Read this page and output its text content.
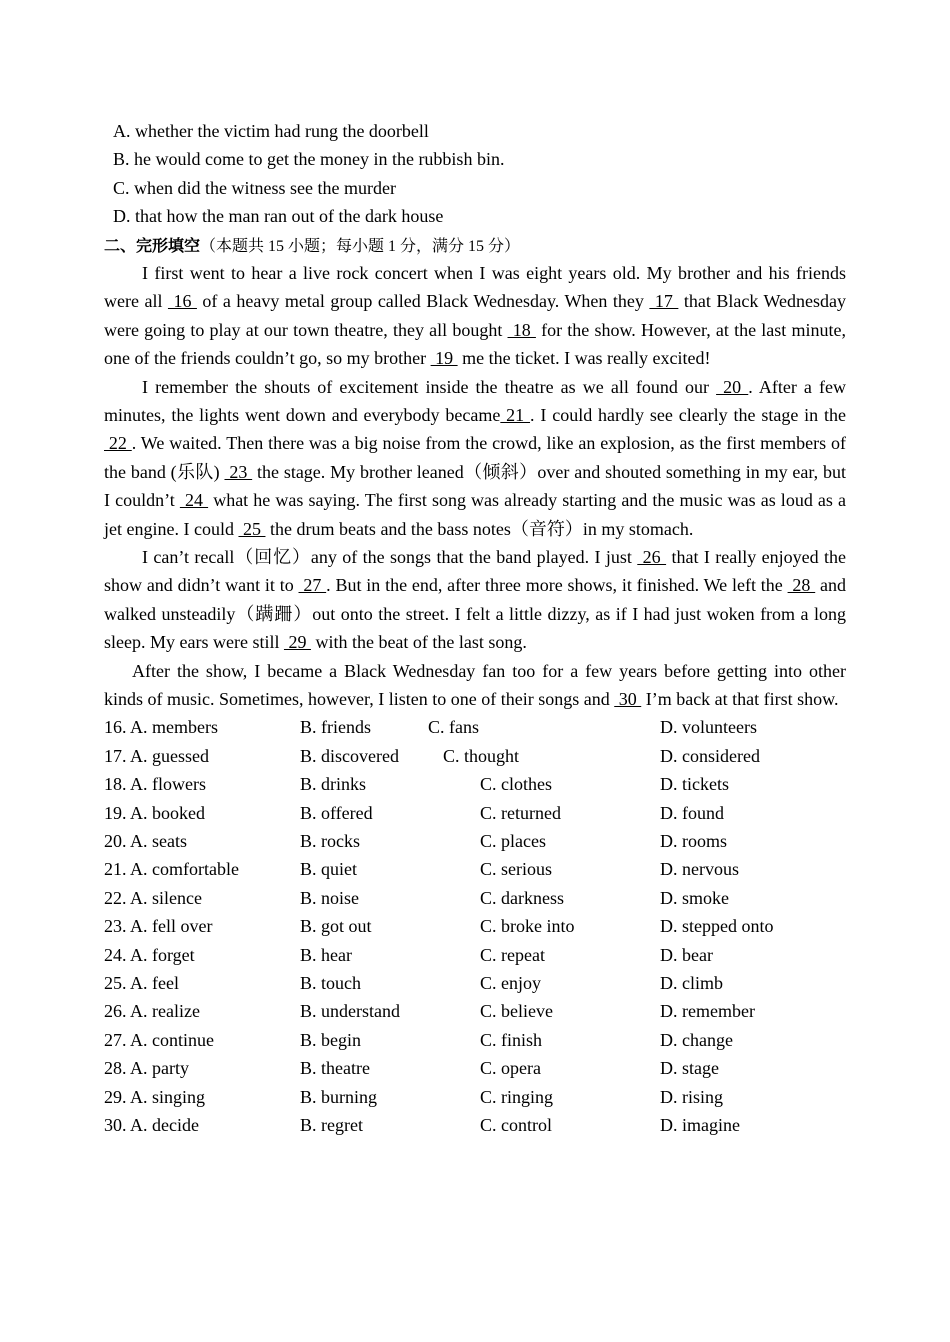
A. whether the victim had rung the doorbell
B. he would come to get the money in the rubbish bin.
C. when did the witness see the murder
D. that how the man ran out of the dark house
二、完形填空（本题共 15 小题；每小题 1 分，满分 15 分）

I first went to hear a live rock concert when I was eight years old. My brother and his friends were all  16  of a heavy metal group called Black Wednesday. When they  17  that Black Wednesday were going to play at our town theatre, they all bought  18  for the show. However, at the last minute, one of the friends couldn’t go, so my brother  19  me the ticket. I was really excited!

I remember the shouts of excitement inside the theatre as we all found our  20 . After a few minutes, the lights went down and everybody became 21 . I could hardly see clearly the stage in the  22 . We waited. Then there was a big noise from the crowd, like an explosion, as the first members of the band (乐队)  23  the stage. My brother leaned（倾斜）over and shouted something in my ear, but I couldn’t  24  what he was saying. The first song was already starting and the music was as loud as a jet engine. I could  25  the drum beats and the bass notes（音符）in my stomach.

I can’t recall（回忆）any of the songs that the band played. I just  26  that I really enjoyed the show and didn’t want it to  27 . But in the end, after three more shows, it finished. We left the  28  and walked unsteadily（蹒跚）out onto the street. I felt a little dizzy, as if I had just woken from a long sleep. My ears were still  29  with the beat of the last song.

After the show, I became a Black Wednesday fan too for a few years before getting into other kinds of music. Sometimes, however, I listen to one of their songs and  30  I’m back at that first show.

16. A. members	B. friends	C. fans	D. volunteers
17. A. guessed	B. discovered C. thought	D. considered
18. A. flowers	B. drinks	C. clothes	D. tickets
19. A. booked	B. offered	C. returned	D. found
20. A. seats	B. rocks	C. places	D. rooms
21. A. comfortable	B. quiet	C. serious	D. nervous
22. A. silence	B. noise	C. darkness	D. smoke
23. A. fell over	B. got out	C. broke into	D. stepped onto
24. A. forget	B. hear	C. repeat	D. bear
25. A. feel	B. touch	C. enjoy	D. climb
26. A. realize	B. understand	C. believe	D. remember
27. A. continue	B. begin	C. finish	D. change
28. A. party	B. theatre	C. opera	D. stage
29. A. singing	B. burning	C. ringing	D. rising
30. A. decide	B. regret	C. control	D. imagine
